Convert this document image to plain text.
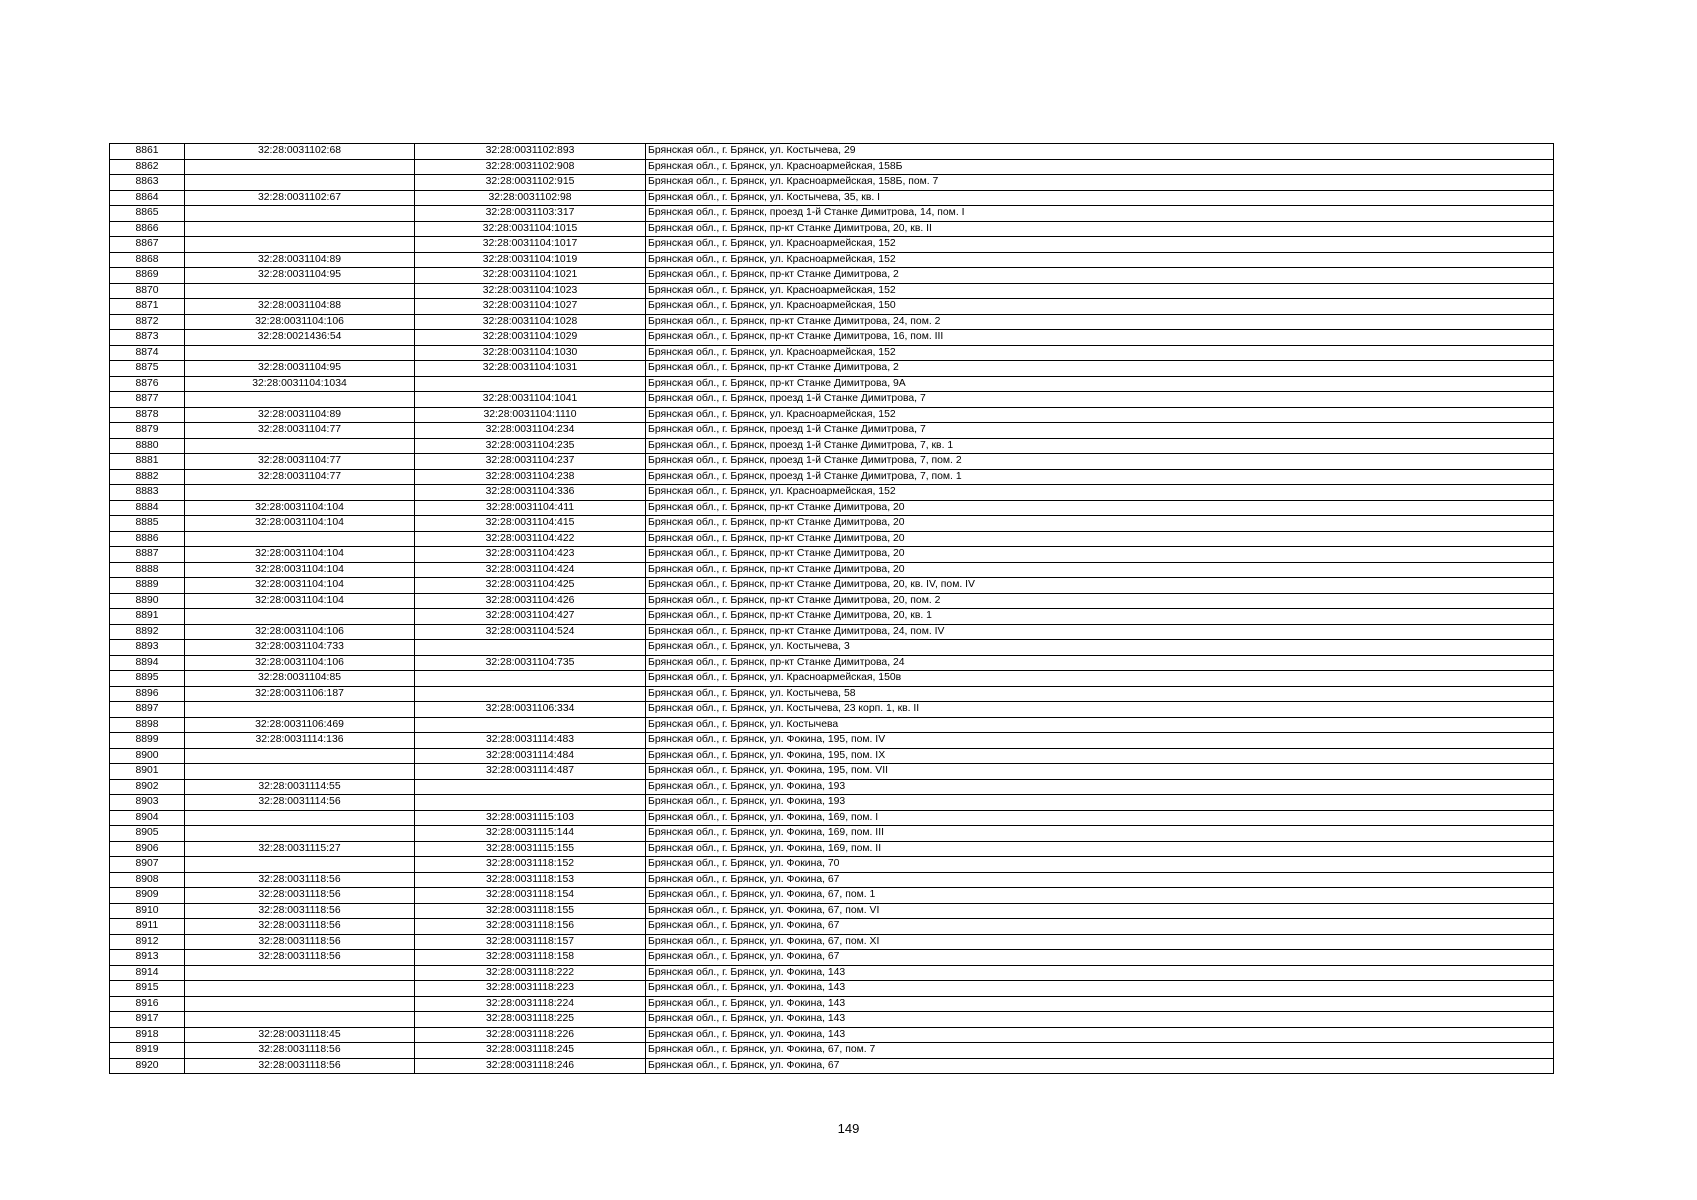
8861	32:28:0031102:68	32:28:0031102:893	Брянская обл., г. Брянск, ул. Костычева, 29
8862		32:28:0031102:908	Брянская обл., г. Брянск, ул. Красноармейская, 158Б
8863		32:28:0031102:915	Брянская обл., г. Брянск, ул. Красноармейская, 158Б, пом. 7
8864	32:28:0031102:67	32:28:0031102:98	Брянская обл., г. Брянск, ул. Костычева, 35, кв. I
8865		32:28:0031103:317	Брянская обл., г. Брянск, проезд 1-й Станке Димитрова, 14, пом. I
8866		32:28:0031104:1015	Брянская обл., г. Брянск, пр-кт Станке Димитрова, 20, кв. II
8867		32:28:0031104:1017	Брянская обл., г. Брянск, ул. Красноармейская, 152
8868	32:28:0031104:89	32:28:0031104:1019	Брянская обл., г. Брянск, ул. Красноармейская, 152
8869	32:28:0031104:95	32:28:0031104:1021	Брянская обл., г. Брянск, пр-кт Станке Димитрова, 2
8870		32:28:0031104:1023	Брянская обл., г. Брянск, ул. Красноармейская, 152
8871	32:28:0031104:88	32:28:0031104:1027	Брянская обл., г. Брянск, ул. Красноармейская, 150
8872	32:28:0031104:106	32:28:0031104:1028	Брянская обл., г. Брянск, пр-кт Станке Димитрова, 24, пом. 2
8873	32:28:0021436:54	32:28:0031104:1029	Брянская обл., г. Брянск, пр-кт Станке Димитрова, 16, пом. III
8874		32:28:0031104:1030	Брянская обл., г. Брянск, ул. Красноармейская, 152
8875	32:28:0031104:95	32:28:0031104:1031	Брянская обл., г. Брянск, пр-кт Станке Димитрова, 2
8876	32:28:0031104:1034		Брянская обл., г. Брянск, пр-кт Станке Димитрова, 9А
8877		32:28:0031104:1041	Брянская обл., г. Брянск, проезд 1-й Станке Димитрова, 7
8878	32:28:0031104:89	32:28:0031104:1110	Брянская обл., г. Брянск, ул. Красноармейская, 152
8879	32:28:0031104:77	32:28:0031104:234	Брянская обл., г. Брянск, проезд 1-й Станке Димитрова, 7
8880		32:28:0031104:235	Брянская обл., г. Брянск, проезд 1-й Станке Димитрова, 7, кв. 1
8881	32:28:0031104:77	32:28:0031104:237	Брянская обл., г. Брянск, проезд 1-й Станке Димитрова, 7, пом. 2
8882	32:28:0031104:77	32:28:0031104:238	Брянская обл., г. Брянск, проезд 1-й Станке Димитрова, 7, пом. 1
8883		32:28:0031104:336	Брянская обл., г. Брянск, ул. Красноармейская, 152
8884	32:28:0031104:104	32:28:0031104:411	Брянская обл., г. Брянск, пр-кт Станке Димитрова, 20
8885	32:28:0031104:104	32:28:0031104:415	Брянская обл., г. Брянск, пр-кт Станке Димитрова, 20
8886		32:28:0031104:422	Брянская обл., г. Брянск, пр-кт Станке Димитрова, 20
8887	32:28:0031104:104	32:28:0031104:423	Брянская обл., г. Брянск, пр-кт Станке Димитрова, 20
8888	32:28:0031104:104	32:28:0031104:424	Брянская обл., г. Брянск, пр-кт Станке Димитрова, 20
8889	32:28:0031104:104	32:28:0031104:425	Брянская обл., г. Брянск, пр-кт Станке Димитрова, 20, кв. IV, пом. IV
8890	32:28:0031104:104	32:28:0031104:426	Брянская обл., г. Брянск, пр-кт Станке Димитрова, 20, пом. 2
8891		32:28:0031104:427	Брянская обл., г. Брянск, пр-кт Станке Димитрова, 20, кв. 1
8892	32:28:0031104:106	32:28:0031104:524	Брянская обл., г. Брянск, пр-кт Станке Димитрова, 24, пом. IV
8893	32:28:0031104:733		Брянская обл., г. Брянск, ул. Костычева, 3
8894	32:28:0031104:106	32:28:0031104:735	Брянская обл., г. Брянск, пр-кт Станке Димитрова, 24
8895	32:28:0031104:85		Брянская обл., г. Брянск, ул. Красноармейская, 150в
8896	32:28:0031106:187		Брянская обл., г. Брянск, ул. Костычева, 58
8897		32:28:0031106:334	Брянская обл., г. Брянск, ул. Костычева, 23 корп. 1, кв. II
8898	32:28:0031106:469		Брянская обл., г. Брянск, ул. Костычева
8899	32:28:0031114:136	32:28:0031114:483	Брянская обл., г. Брянск, ул. Фокина, 195, пом. IV
8900		32:28:0031114:484	Брянская обл., г. Брянск, ул. Фокина, 195, пом. IX
8901		32:28:0031114:487	Брянская обл., г. Брянск, ул. Фокина, 195, пом. VII
8902	32:28:0031114:55		Брянская обл., г. Брянск, ул. Фокина, 193
8903	32:28:0031114:56		Брянская обл., г. Брянск, ул. Фокина, 193
8904		32:28:0031115:103	Брянская обл., г. Брянск, ул. Фокина, 169, пом. I
8905		32:28:0031115:144	Брянская обл., г. Брянск, ул. Фокина, 169, пом. III
8906	32:28:0031115:27	32:28:0031115:155	Брянская обл., г. Брянск, ул. Фокина, 169, пом. II
8907		32:28:0031118:152	Брянская обл., г. Брянск, ул. Фокина, 70
8908	32:28:0031118:56	32:28:0031118:153	Брянская обл., г. Брянск, ул. Фокина, 67
8909	32:28:0031118:56	32:28:0031118:154	Брянская обл., г. Брянск, ул. Фокина, 67, пом. 1
8910	32:28:0031118:56	32:28:0031118:155	Брянская обл., г. Брянск, ул. Фокина, 67, пом. VI
8911	32:28:0031118:56	32:28:0031118:156	Брянская обл., г. Брянск, ул. Фокина, 67
8912	32:28:0031118:56	32:28:0031118:157	Брянская обл., г. Брянск, ул. Фокина, 67, пом. XI
8913	32:28:0031118:56	32:28:0031118:158	Брянская обл., г. Брянск, ул. Фокина, 67
8914		32:28:0031118:222	Брянская обл., г. Брянск, ул. Фокина, 143
8915		32:28:0031118:223	Брянская обл., г. Брянск, ул. Фокина, 143
8916		32:28:0031118:224	Брянская обл., г. Брянск, ул. Фокина, 143
8917		32:28:0031118:225	Брянская обл., г. Брянск, ул. Фокина, 143
8918	32:28:0031118:45	32:28:0031118:226	Брянская обл., г. Брянск, ул. Фокина, 143
8919	32:28:0031118:56	32:28:0031118:245	Брянская обл., г. Брянск, ул. Фокина, 67, пом. 7
8920	32:28:0031118:56	32:28:0031118:246	Брянская обл., г. Брянск, ул. Фокина, 67
149
